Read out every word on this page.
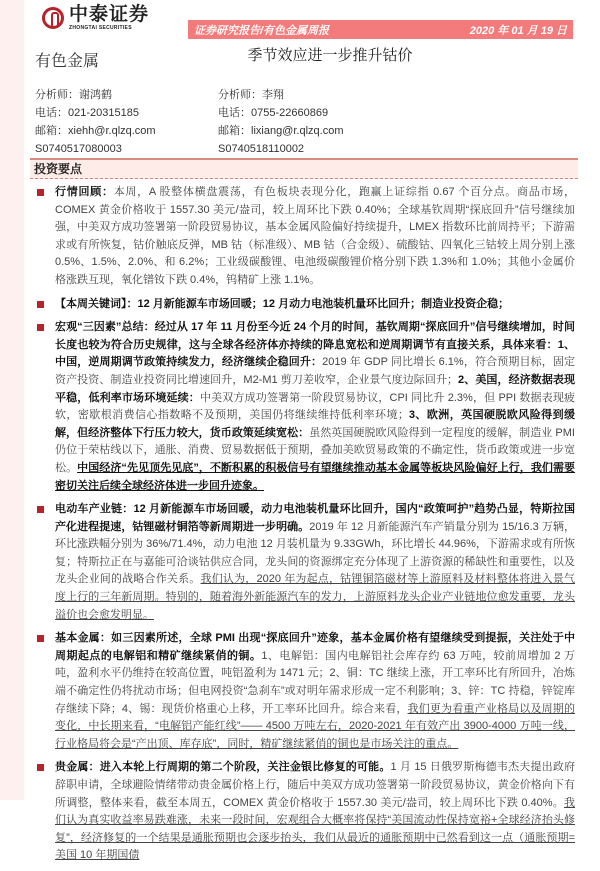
中泰证券
ZHONGTAI SECURITIES	证券研究报告/有色金属周报	2020 年 01 月 19 日
有色金属	季节效应进一步推升钴价
分析师：谢鸿鹤
电话：021-20315185
邮箱：xiehh@r.qlzq.com
S0740517080003
分析师：李翔
电话：0755-22660869
邮箱：lixiang@r.qlzq.com
S0740518110002
投资要点
行情回顾：本周，A 股整体横盘震荡，有色板块表现分化，跑赢上证综指 0.67 个百分点。商品市场，COMEX 黄金价格收于 1557.30 美元/盎司，较上周环比下跌 0.40%；全球基钦周期“探底回升”信号继续加强，中美双方成功签署第一阶段贸易协议，基本金属风险偏好持续提升，LMEX 指数环比前周持平；下游需求或有所恢复，钴价触底反弹，MB 钴（标准级）、MB 钴（合金级）、硫酸钴、四氧化三钴较上周分别上涨 0.5%、1.5%、2.0%、和 6.2%；工业级碳酸锂、电池级碳酸锂价格分别下跌 1.3%和 1.0%；其他小金属价格涨跌互现，氧化镨钕下跌 0.4%，钨精矿上涨 1.1%。
【本周关键词】：12 月新能源车市场回暖；12 月动力电池装机量环比回升；制造业投资企稳；
宏观“三因素”总结：经过从 17 年 11 月份至今近 24 个月的时间，基钦周期“探底回升”信号继续增加，时间长度也较为符合历史规律，这与全球各经济体亦持续的降息宽松和逆周期调节有直接关系，具体来看：1、中国，逆周期调节政策持续发力，经济继续企稳回升：2019 年 GDP 同比增长 6.1%，符合预期目标，固定资产投资、制造业投资同比增速回升，M2-M1 剪刀差收窄，企业景气度边际回升；2、美国，经济数据表现平稳，低利率市场环境延续：中美双方成功签署第一阶段贸易协议，CPI 同比升 2.3%，但 PPI 数据表现疲软，密歇根消费信心指数略不及预期，美国仍将继续维持低利率环境；3、欧洲，英国硬脱欧风险得到缓解，但经济整体下行压力较大，货币政策延续宽松：虽然英国硬脱欧风险得到一定程度的缓解，制造业 PMI 仍位于荣枯线以下，通胀、消费、贸易数据低于预期，叠加美欧贸易政策的不确定性，货币政策或进一步宽松。中国经济“先见顶先见底”，不断积累的积极信号有望继续推动基本金属等板块风险偏好上行，我们需要密切关注后续全球经济体进一步回升迹象。
电动车产业链：12 月新能源车市场回暖，动力电池装机量环比回升，国内“政策呵护”趋势凸显，特斯拉国产化进程提速，钴锂磁材铜箔等新周期进一步明确。2019 年 12 月新能源汽车产销量分别为 15/16.3 万辆，环比涨跌幅分别为 36%/71.4%，动力电池 12 月装机量为 9.33GWh，环比增长 44.96%，下游需求或有所恢复；特斯拉正在与嘉能可洽谈钴供应合同，龙头间的资源绑定充分体现了上游资源的稀缺性和重要性，以及龙头企业间的战略合作关系。我们认为，2020 年为起点，钴锂铜箔磁材等上游原料及材料整体将进入景气度上行的三年新周期。特别的，随着海外新能源汽车的发力，上游原料龙头企业产业链地位愈发重要，龙头溢价也会愈发明显。
基本金属：如三因素所述，全球 PMI 出现“探底回升”迹象，基本金属价格有望继续受到提振，关注处于中周期起点的电解铝和精矿继续紧俏的铜。1、电解铝：国内电解铝社会库存约 63 万吨，较前周增加 2 万吨，盈利水平仍维持在较高位置，吨铝盈利为 1471 元；2、铜：TC 继续上涨，开工率环比有所回升，冶炼端不确定性仍将扰动市场；但电网投资“急刹车”或对明年需求形成一定不利影响；3、锌：TC 持稳，锌锭库存继续下降；4、锡：现货价格重心上移，开工率环比回升。综合来看，我们更为看重产业格局以及周期的变化，中长期来看，“电解铝产能红线”—— 4500 万吨左右，2020-2021 年有效产出 3900-4000 万吨一线，行业格局将会是“产出顶、库存底”，同时，精矿继续紧俏的铜也是市场关注的重点。
贵金属：进入本轮上行周期的第二个阶段，关注金银比修复的可能。1 月 15 日俄罗斯梅德韦杰夫提出政府辞职申请，全球避险情绪带动贵金属价格上行，随后中美双方成功签署第一阶段贸易协议，黄金价格向下有所调整，整体来看，截至本周五，COMEX 黄金价格收于 1557.30 美元/盎司，较上周环比下跌 0.40%。我们认为真实收益率易跌难涨，未来一段时间，宏观组合大概率将保持“美国流动性保持宽裕+全球经济抬头修复”，经济修复的一个结果是通胀预期也会逐步抬头，我们从最近的通胀预期中已然看到这一点（通胀预期=美国 10 年期国债
